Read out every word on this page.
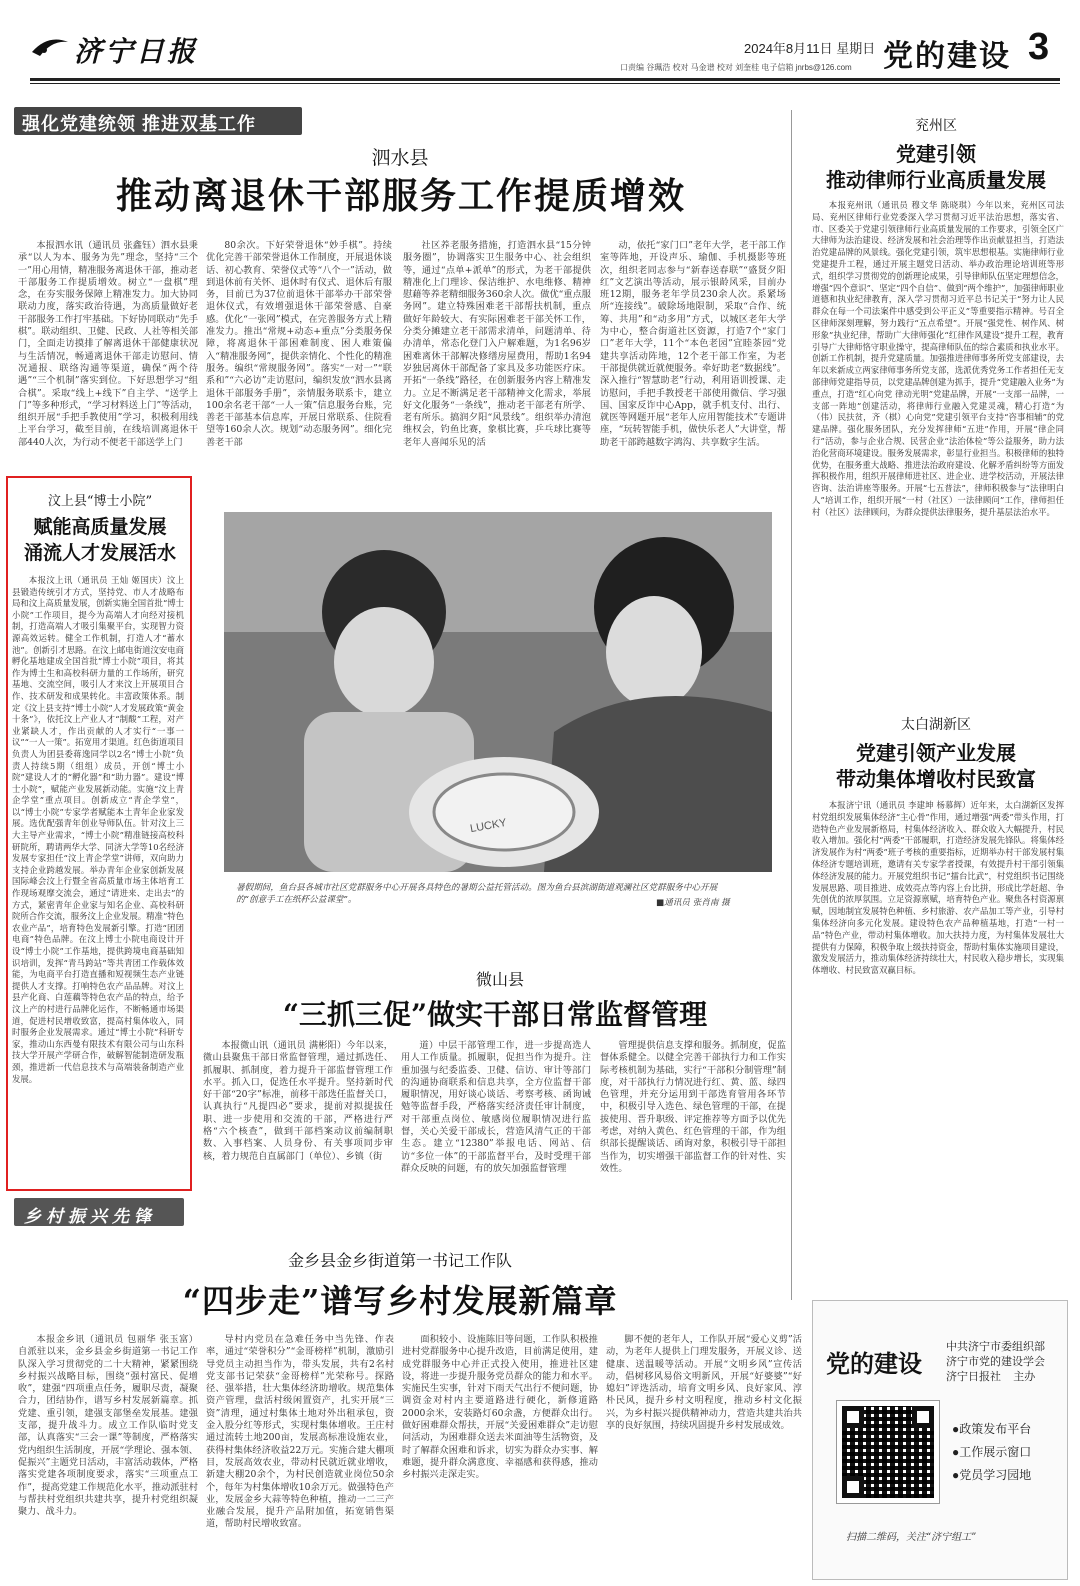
济宁日报	2024年8月11日 星期日 党的建设 3
口责编 谷珮浩 校对 马金谱 校对 刘奎桂 电子信箱 jnrbs@126.com
强化党建统领 推进双基工作
泗水县
推动离退休干部服务工作提质增效

本报泗水讯（通讯员 张鑫钰）泗水县秉承“以人为本、服务为先”理念，坚持“三个一”用心用情，精准服务离退休干部，推动老干部服务工作提质增效。树立“一盘棋”理念，在夯实服务保障上精准发力。加大协同联动力度，落实政治待遇，为高质量做好老干部服务工作打牢基础。下好协同联动“先手棋”。联动组织、卫健、民政、人社等相关部门，全面走访摸排了解离退休干部健康状况与生活情况，畅通离退休干部走访慰问、情况通报、联络沟通等渠道，确保“两个待遇”“三个机制”落实到位。下好思想学习“组合棋”。采取“线上+线下”自主学、“送学上门”等多种形式，“学习材料送上门”等活动，组织开展“手把手教使用”学习，积极利用线上平台学习，截至目前，在线培训离退休干部440人次，为行动不便老干部送学上门

80余次。下好荣誉退休“妙手棋”。持续优化完善干部荣誉退休工作制度，开展退休谈话、初心教育、荣誉仪式等“八个一”活动，做到退休前有关怀、退休时有仪式、退休后有服务，目前已为37位前退休干部举办干部荣誉退休仪式，有效增强退休干部荣誉感、自豪感。优化“一张网”模式，在完善服务方式上精准发力。推出“常规+动态+重点”分类服务保障，将离退休干部困难制度、困人难策偏入“精准服务网”，提供亲情化、个性化的精准服务。编织“常规服务网”。落实“一对一”“联系和”“六必访”走访慰问，编织发放“泗水县离退休干部服务手册”，亲情服务联系卡，建立100余名老干部“一人一策”信息服务台账，完善老干部基本信息库，开展日常联系、住院看望等160余人次。规划“动态服务网”。细化完善老干部

社区养老服务措施，打造泗水县“15分钟服务圈”，协调落实卫生服务中心、社会组织等，通过“点单+派单”的形式，为老干部提供精准化上门理诊、保洁维护、水电维修、精神慰藉等养老精细服务360余人次。做优“重点服务网”。建立特殊困难老干部帮扶机制，重点做好年龄较大、有实际困难老干部关怀工作，分类分摊建立老干部需求清单，问题清单、待办清单，常态化登门入户解难题，为1名96岁困难离休干部解决修缮房屋费用，帮助1名94岁独居离休干部配备了家具及多功能医疗床。开拓“一条线”路径，在创新服务内容上精准发力。立足不断满足老干部精神文化需求，举展好文化服务“一条线”，推动老干部老有所学、老有所乐。搞润夕阳“风景线”。组织举办清泡维权会，钓鱼比赛，象棋比赛，乒乓球比赛等老年人喜闻乐见的活

动，依托“家门口”老年大学，老干部工作室等阵地，开设声乐、瑜伽、手机摄影等班次，组织老同志参与“新春送春联”“盛贤夕阳红”文艺演出等活动，展示银龄风采，目前办班12期，服务老年学员230余人次。系紧场所“连接线”。破除场地限制，采取“合作、统筹、共用”和“动多用”方式，以城区老年大学为中心，整合街道社区资源，打造7个“家门口”老年大学，11个“本色老园”宜睦茶园“党建共享活动阵地，12个老干部工作室，为老干部提供就近就便服务。牵好助老“数据线”。深入推行“智慧助老”行动，利用语训授课、走访慰问，手把手教授老干部使用微信、学习强国、国家反诈中心App，就手机支付、出行、就医等网题开展“老年人应用智能技术”专题讲座，“玩转智能手机，做快乐老人”大讲堂，帮助老干部跨越数字鸿沟、共享数字生活。

汶上县“博士小院”
赋能高质量发展
涌流人才发展活水

本报汶上讯（通讯员 王灿 姬国庆）汶上县锻造传统引才方式，坚持党、市人才战略布局和汶上高质量发展，创新实施全国首批“博士小院”工作项目，提今为高端人才向经对接机制，打造高端人才吸引集聚平台，实现智力资源高效运转。健全工作机制，打造人才“蓄水池”。创新引才思路。在汶上邮电街道汶安电商孵化基地建成全国首批“博士小院”项目，将其作为博士生和高校科研力量的工作场所，研究基地、交流空间，吸引人才来汶上开展项目合作、技术研发和成果转化。丰富政策体系。制定《汶上县支持“博士小院”人才发展政策“黄金十条”》，依托汶上产业人才“制酸”工程，对产业紧缺人才，作出贡献的人才实行“一事一议”“一人一策”。拓宽用才渠道。红色街道项目负责人为团县委蒋逸同学以2名“博士小院”负责人持续5期（组组）成员，开创“博士小院”建设人才的“孵化器”和“助力器”。建设“博士小院”，赋能产业发展新动能。实施“汶上青企学堂”重点项目。创新成立“青企学堂”，以“博士小院”专家学者赋能本土青年企业家发展。选优配强青年创业导师队伍。针对汶上三大主导产业需求，“博士小院”精准链接高校科研院所，聘请两华大学、同济大学等10名经济发展专家担任“汶上青企学堂”讲师，双向助力支持企业跨越发展。举办青年企业家创新发展国际峰会汶上行暨全省高质量市场主体培育工作现场观摩交流会，通过“请进来、走出去”的方式，紧密青年企业家与知名企业、高校科研院所合作交流，服务汶上企业发展。精准“特色农业产品”，培育特色发展新引擎。打造“团团电商”特色品牌。在汶上博士小院电商设计开设“博士小院”工作基地，提供跨境电商基础知识培训，发挥“青马跨站”等共青团工作载体效能，为电商平台打造直播和短视频生态产业链提供人才支撑。打响特色农产品品牌。对汶上县产化商、白莲藕等特色农产品的特点，给予汶上产的村进行品牌化运作，不断畅通市场渠道，促进村民增收致富，提高村集体收入，同时服务企业发展需求。通过“博士小院”科研专家，推动山东西曼有限技术有限公司与山东科技大学开展产学研合作，破解智能制造研发瓶颈，推进新一代信息技术与高端装备制造产业发展。

LUCKY
暑假期间，鱼台县各城市社区党群服务中心开展各具特色的暑期公益托管活动。图为鱼台县滨湖街道观澜社区党群服务中心开展的“创意手工在纸杯公益课堂”。	■通讯员 张肖南 摄
微山县
“三抓三促”做实干部日常监督管理

本报微山讯（通讯员 满彬阳）今年以来，微山县聚焦干部日常监督管理，通过抓选任、抓履职、抓制度，着力提升干部监督管理工作水平。抓入口，促选任水平提升。坚持新时代好干部“20字”标准，前移干部选任监督关口，认真执行“凡提四必”要求，提前对拟提拔任职、进一步使用和交流的干部，严格进行严格“六个核查”，做到干部档案动议前编制职数、入事档案、人员身份、有关事项同步审核，着力规范自直属部门（单位）、乡镇（街

道）中层干部管理工作，进一步提高选人用人工作质量。抓履职，促担当作为提升。注重加强与纪委监委、卫健、信访、审计等部门的沟通协商联系和信息共享，全方位监督干部履职情况，用好谈心谈话、考察考核、函询诫勉等监督手段，严格落实经济责任审计制度，对干部重点岗位、敏感岗位履职情况进行监督，关心关爱干部成长，营造风清气正的干部生态。建立“12380”举报电话、网站、信访“多位一体”的干部监督平台，及时受理干部群众反映的问题，有的放矢加强监督管理

管理提供信息支撑和服务。抓制度，促监督体系健全。以健全完善干部执行力和工作实际考核机制为基础，实行“干部积分制管理”制度，对干部执行力情况进行红、黄、蓝、绿四色管理，并充分运用到干部选育管用各环节中，积极引导入选色、绿色管理的干部，在提拔使用、晋升职级、评定推荐等方面予以优先考虑，对纳入黄色、红色管理的干部，作为组织部长提醒谈话、函询对象，积极引导干部担当作为，切实增强干部监督工作的针对性、实效性。

兖州区
党建引领
推动律师行业高质量发展

本报兖州讯（通讯员 穆文华 陈晓琪）今年以来，兖州区司法局、兖州区律师行业党委深入学习贯彻习近平法治思想，落实省、市、区委关于党建引领律师行业高质量发展的工作要求，引领全区广大律师为法治建设、经济发展和社会治理等作出贡献显担当，打造法治党建品牌的风景线。强化党建引领，筑牢思想根基。实施律师行业党建提升工程，通过开展主题党日活动、举办政治理论培训班等形式，组织学习贯彻党的创新理论成果，引导律师队伍坚定理想信念，增强“四个意识”、坚定“四个自信”、做到“两个维护”，加强律师职业道德和执业纪律教育，深入学习贯彻习近平总书记关于“努力让人民群众在每一个司法案件中感受到公平正义”等重要指示精神。号召全区律师深刻理解，努力践行“五点希望”。开展“强党性、树作风、树形象”执业纪律，帮助广大律师强化“红律作风建设”提升工程，教育引导广大律师恪守职业操守，提高律师队伍的综合素质和执业水平。创新工作机制，提升党建质量。加强推进律师事务所党支部建设，去年以来新成立两家律师事务所党支部，选派优秀党务工作者担任无支部律师党建指导员，以党建品牌创建为抓手，提升“党建融入业务”为重点，打造“红心向党 律动光明”党建品牌，开展“一支部一品牌，一支部一阵地”创建活动，将律师行业融入党建灵魂，精心打造“为（伟）民扶贫，齐（棋）心向党”党建引领平台支持“咨事相辅”的党建品牌。强化服务团队，充分发挥律师“五进”作用，开展“律企同行”活动，参与企业合规、民营企业“法治体检”等公益服务，助力法治化营商环境建设。服务发展需求，彰显行业担当。积极律师的独特优势，在服务重大战略、推进法治政府建设、化解矛盾纠纷等方面发挥积极作用，组织开展律师进社区、进企业、进学校活动，开展法律咨询、法治讲座等服务。开展“七五普法”，律师积极参与“法律明白人”培训工作，组织开展“一村（社区）一法律顾问”工作，律师担任村（社区）法律顾问，为群众提供法律服务，提升基层法治水平。

太白湖新区
党建引领产业发展
带动集体增收村民致富

本报济宁讯（通讯员 李建坤 杨慕辉）近年来，太白湖新区发挥村党组织发展集体经济“主心骨”作用，通过增强“两委”带头作用，打造特色产业发展新格局，村集体经济收入、群众收入大幅提升，村民收入增加。强化村“两委”干部履职，打造经济发展先锋队。将集体经济发展作为村“两委”班子考核的重要指标，近期举办村干部发展村集体经济专题培训班，邀请有关专家学者授课，有效提升村干部引领集体经济发展的能力。开展党组织书记“擂台比武”，村党组织书记围绕发展思路、项目推进、成效亮点等内容上台比拼，形成比学赶超、争先创优的浓厚氛围。立足资源禀赋，培育特色产业。聚焦各村资源禀赋，因地制宜发展特色种植、乡村旅游、农产品加工等产业，引导村集体经济向多元化发展。建设特色农产品种植基地，打造“一村一品”特色产业，带动村集体增收。加大扶持力度，为村集体发展壮大提供有力保障，积极争取上级扶持资金，帮助村集体实施项目建设，激发发展活力，推动集体经济持续壮大，村民收入稳步增长，实现集体增收、村民致富双赢目标。

乡村振兴先锋
金乡县金乡街道第一书记工作队
“四步走”谱写乡村发展新篇章

本报金乡讯（通讯员 包丽华 张玉富）自派驻以来，金乡县金乡街道第一书记工作队深入学习贯彻党的二十大精神，紧紧围绕乡村振兴战略目标，围绕“强村富民、促增收”，建强“四项重点任务，履职尽责，凝聚合力，团结协作，谱写乡村发展新篇章。抓党建、重引领，建强支部堡垒发展基。建强支部，提升战斗力。成立工作队临时党支部，认真落实“三会一课”等制度，严格落实党内组织生活制度，开展“学理论、强本领、促振兴”主题党日活动，丰富活动载体，严格落实党建各项制度要求，落实“三项重点工作”，提高党建工作规范化水平，推动派驻村与帮扶村党组织共建共享，提升村党组织凝聚力、战斗力。

导村内党员在急难任务中当先锋、作表率，通过“荣誉积分”“金哥榜样”机制，激励引导党员主动担当作为，带头发展，共有2名村党支部书记荣获“金哥榜样”光荣称号。探路径、强举措，壮大集体经济助增收。规范集体资产管理，盘活村级闲置资产，扎实开展“三资”清理，通过村集体土地对外出租承包，资金入股分红等形式，实现村集体增收。王庄村通过流转土地200亩，发展高标准设施农业，获得村集体经济收益22万元。实施合建大棚项目，发展高效农业，带动村民就近就业增收，新建大棚20余个，为村民创造就业岗位50余个，每年为村集体增收10余万元。做强特色产业，发展金乡大蒜等特色种植，推动一二三产业融合发展，提升产品附加值，拓宽销售渠道，帮助村民增收致富。

面积较小、设施陈旧等问题，工作队积极推进村党群服务中心提升改造，目前满足使用，建成党群服务中心并正式投入使用，推进社区建设，将进一步提升服务党员群众的能力和水平。实施民生实事，针对下雨天气出行不便问题，协调资金对村内主要道路进行硬化，新修道路2000余米，安装路灯60余盏，方便群众出行。做好困难群众帮扶，开展“关爱困难群众”走访慰问活动，为困难群众送去米面油等生活物资，及时了解群众困难和诉求，切实为群众办实事、解难题，提升群众满意度、幸福感和获得感，推动乡村振兴走深走实。

脚不便的老年人，工作队开展“爱心义剪”活动，为老年人提供上门理发服务，开展义诊、送健康、送温暖等活动。开展“文明乡风”宣传活动，倡树移风易俗文明新风，开展“好婆婆”“好媳妇”评选活动，培育文明乡风、良好家风、淳朴民风，提升乡村文明程度，推动乡村文化振兴，为乡村振兴提供精神动力，营造共建共治共享的良好氛围，持续巩固提升乡村发展成效。

党的建设
中共济宁市委组织部
济宁市党的建设学会
济宁日报社 主办
●政策发布平台
●工作展示窗口
●党员学习园地
扫描二维码，关注“济宁组工”
